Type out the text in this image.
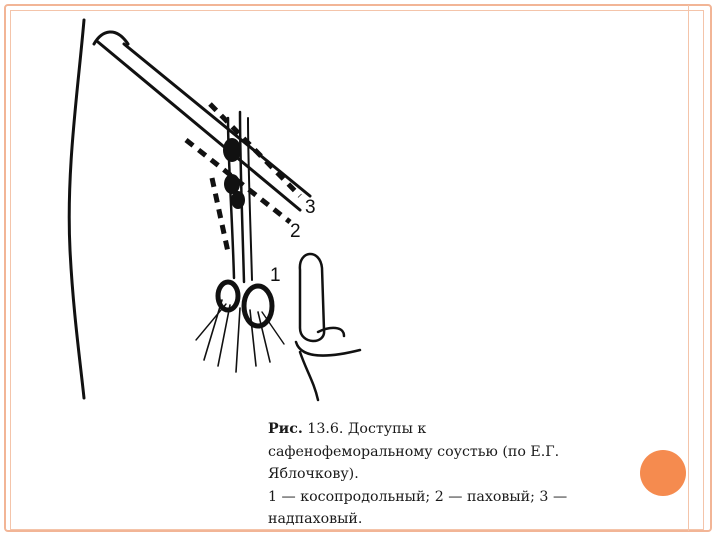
3
2
1
Рис. 13.6. Доступы к
сафенофеморальному соустью (по Е.Г.
Яблочкову).
1 — косопродольный; 2 — паховый; 3 —
надпаховый.
